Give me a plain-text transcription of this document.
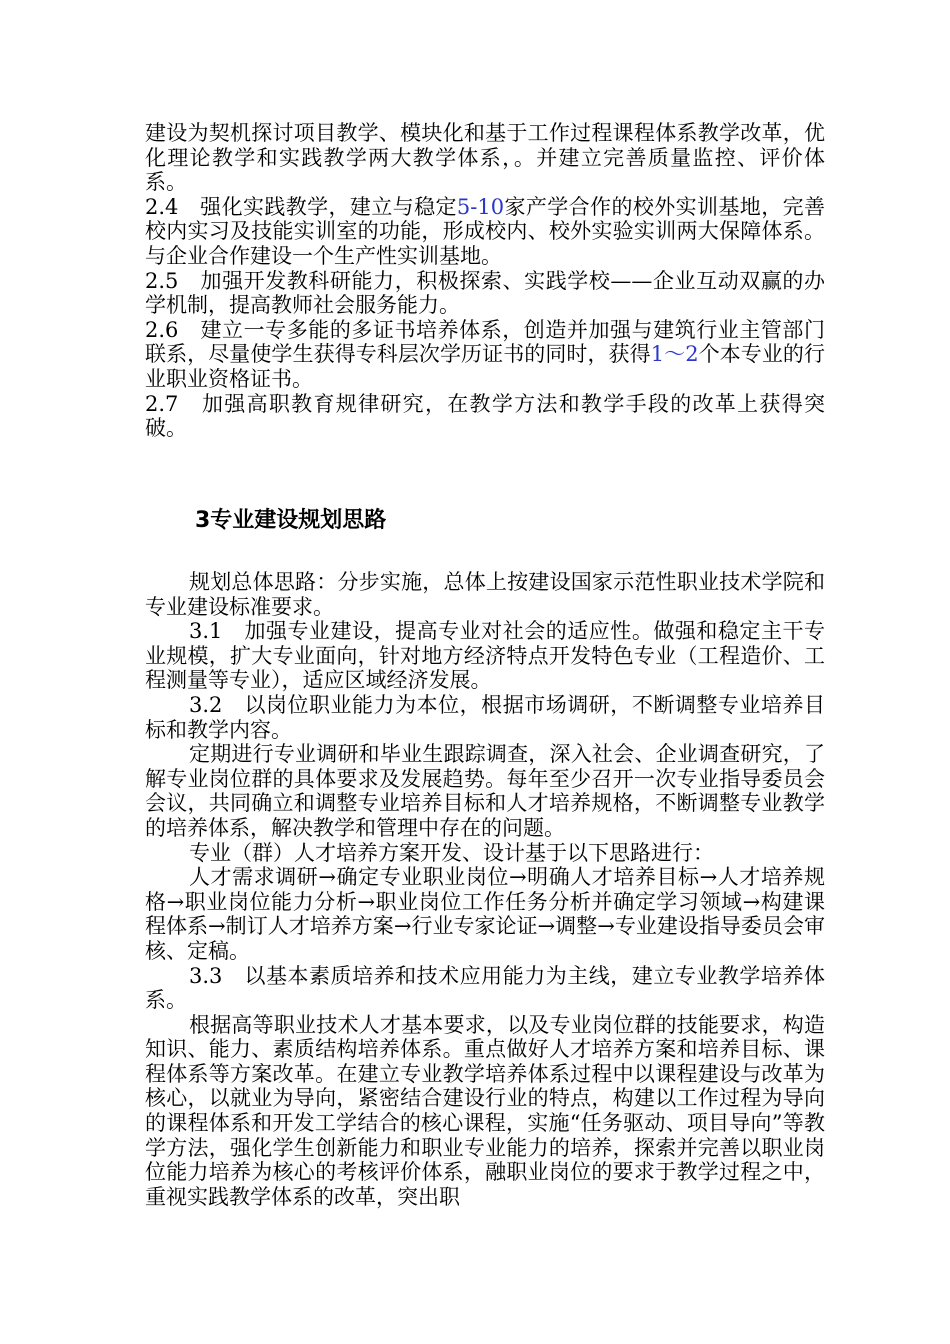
建设为契机探讨项目教学、模块化和基于工作过程课程体系教学改革，优化理论教学和实践教学两大教学体系，。并建立完善质量监控、评价体系。

2.4　强化实践教学，建立与稳定5-10家产学合作的校外实训基地，完善校内实习及技能实训室的功能，形成校内、校外实验实训两大保障体系。与企业合作建设一个生产性实训基地。

2.5　加强开发教科研能力，积极探索、实践学校——企业互动双赢的办学机制，提高教师社会服务能力。

2.6　建立一专多能的多证书培养体系，创造并加强与建筑行业主管部门联系，尽量使学生获得专科层次学历证书的同时，获得1～2个本专业的行业职业资格证书。

2.7　加强高职教育规律研究，在教学方法和教学手段的改革上获得突破。

3专业建设规划思路

规划总体思路：分步实施，总体上按建设国家示范性职业技术学院和专业建设标准要求。

3.1　加强专业建设，提高专业对社会的适应性。做强和稳定主干专业规模，扩大专业面向，针对地方经济特点开发特色专业（工程造价、工程测量等专业），适应区域经济发展。

3.2　以岗位职业能力为本位，根据市场调研，不断调整专业培养目标和教学内容。

定期进行专业调研和毕业生跟踪调查，深入社会、企业调查研究，了解专业岗位群的具体要求及发展趋势。每年至少召开一次专业指导委员会会议，共同确立和调整专业培养目标和人才培养规格，不断调整专业教学的培养体系，解决教学和管理中存在的问题。

专业（群）人才培养方案开发、设计基于以下思路进行：

人才需求调研→确定专业职业岗位→明确人才培养目标→人才培养规格→职业岗位能力分析→职业岗位工作任务分析并确定学习领域→构建课程体系→制订人才培养方案→行业专家论证→调整→专业建设指导委员会审核、定稿。

3.3　以基本素质培养和技术应用能力为主线，建立专业教学培养体系。

根据高等职业技术人才基本要求，以及专业岗位群的技能要求，构造知识、能力、素质结构培养体系。重点做好人才培养方案和培养目标、课程体系等方案改革。在建立专业教学培养体系过程中以课程建设与改革为核心，以就业为导向，紧密结合建设行业的特点，构建以工作过程为导向的课程体系和开发工学结合的核心课程，实施“任务驱动、项目导向”等教学方法，强化学生创新能力和职业专业能力的培养，探索并完善以职业岗位能力培养为核心的考核评价体系，融职业岗位的要求于教学过程之中，重视实践教学体系的改革，突出职
